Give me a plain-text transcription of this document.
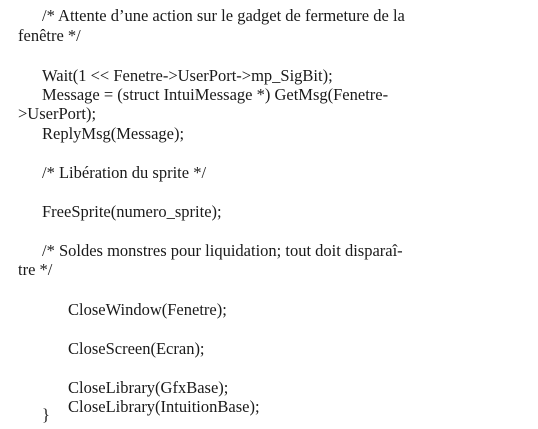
/* Attente d’une action sur le gadget de fermeture de la
fenêtre */
Wait(1 << Fenetre->UserPort->mp_SigBit);
Message = (struct IntuiMessage *) GetMsg(Fenetre-
>UserPort);
ReplyMsg(Message);
/* Libération du sprite */
FreeSprite(numero_sprite);
/* Soldes monstres pour liquidation; tout doit disparaî-
tre */
CloseWindow(Fenetre);
CloseScreen(Ecran);
CloseLibrary(GfxBase);
CloseLibrary(IntuitionBase);
}
